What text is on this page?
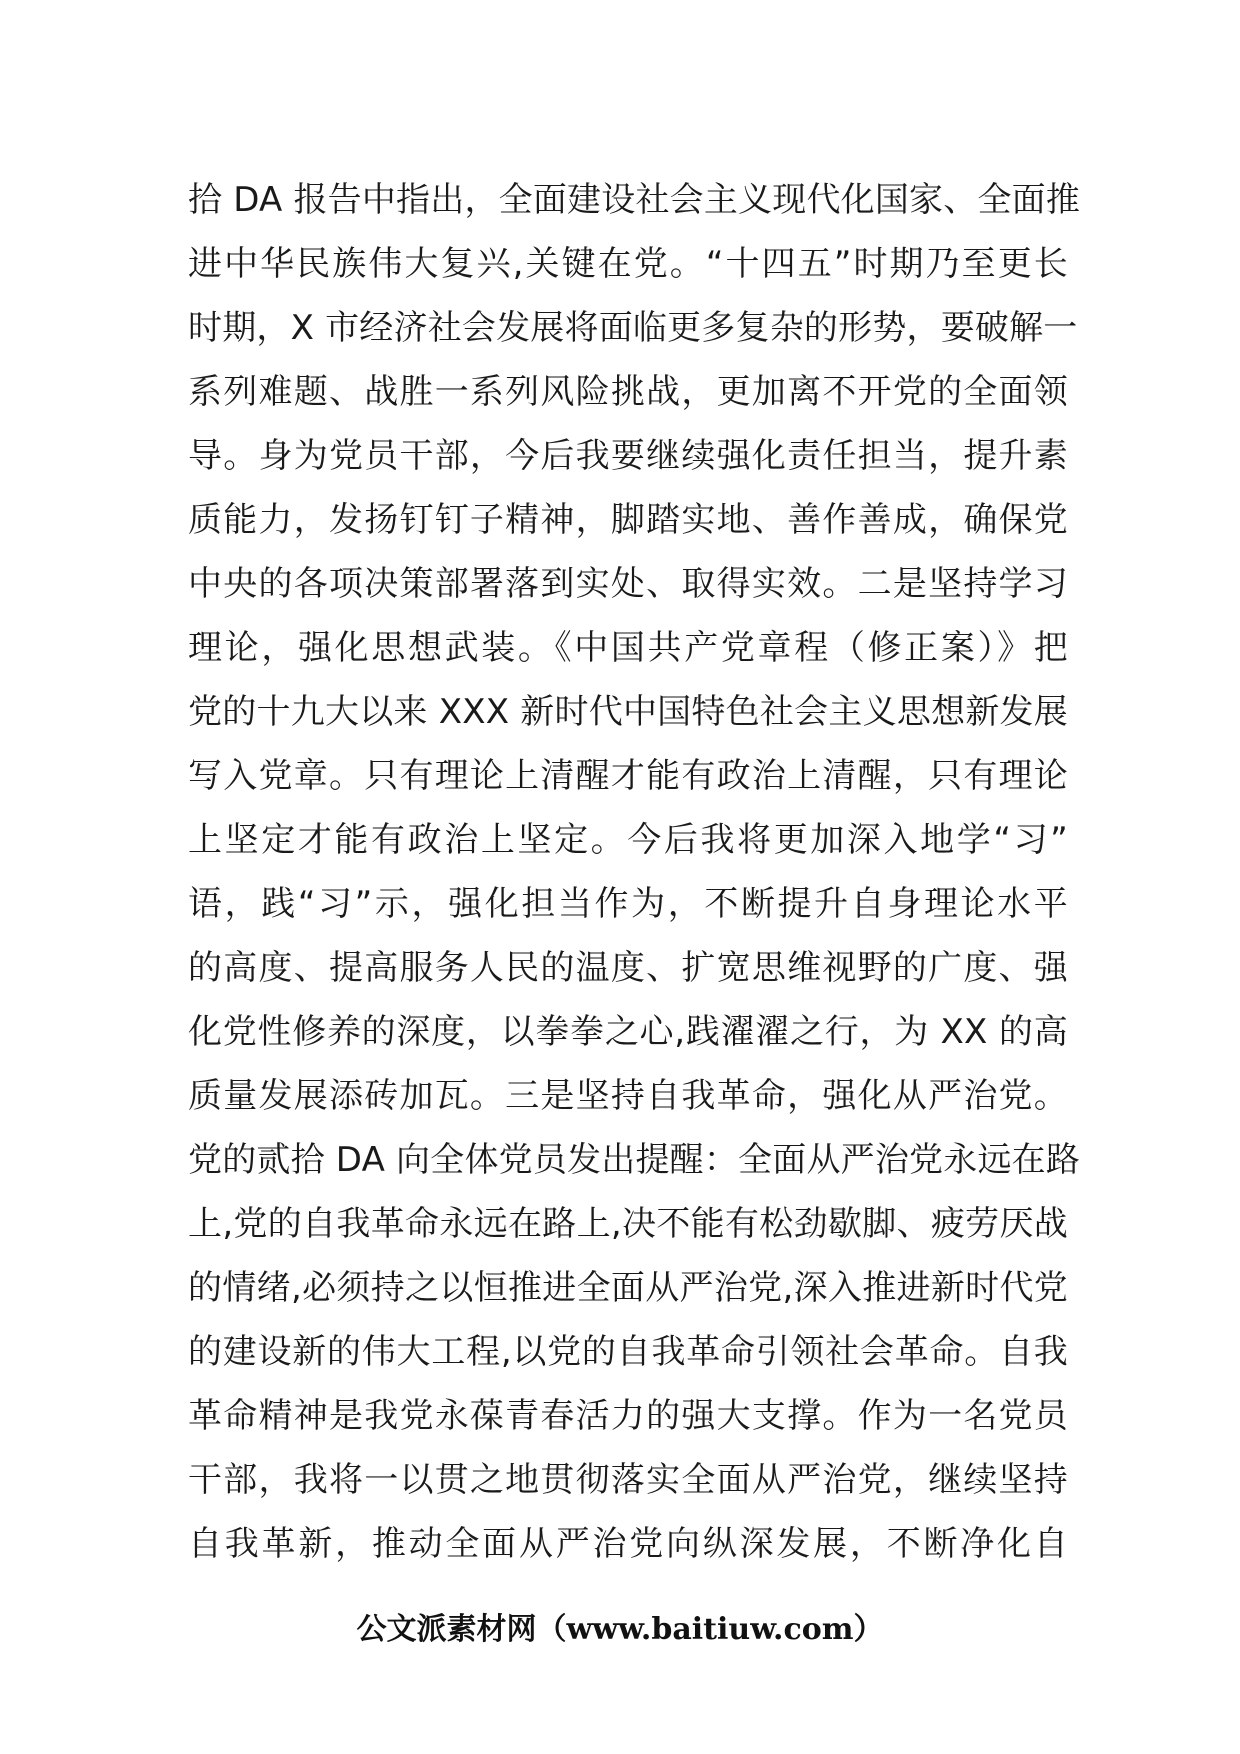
拾 DA 报告中指出，全面建设社会主义现代化国家、全面推
进中华民族伟大复兴,关键在党。“十四五”时期乃至更长
时期，X 市经济社会发展将面临更多复杂的形势，要破解一
系列难题、战胜一系列风险挑战，更加离不开党的全面领
导。身为党员干部，今后我要继续强化责任担当，提升素
质能力，发扬钉钉子精神，脚踏实地、善作善成，确保党
中央的各项决策部署落到实处、取得实效。二是坚持学习
理论，强化思想武装。《中国共产党章程（修正案）》把
党的十九大以来 XXX 新时代中国特色社会主义思想新发展
写入党章。只有理论上清醒才能有政治上清醒，只有理论
上坚定才能有政治上坚定。今后我将更加深入地学“习”
语，践“习”示，强化担当作为，不断提升自身理论水平
的高度、提高服务人民的温度、扩宽思维视野的广度、强
化党性修养的深度，以拳拳之心,践濯濯之行，为 XX 的高
质量发展添砖加瓦。三是坚持自我革命，强化从严治党。
党的贰拾 DA 向全体党员发出提醒：全面从严治党永远在路
上,党的自我革命永远在路上,决不能有松劲歇脚、疲劳厌战
的情绪,必须持之以恒推进全面从严治党,深入推进新时代党
的建设新的伟大工程,以党的自我革命引领社会革命。自我
革命精神是我党永葆青春活力的强大支撑。作为一名党员
干部，我将一以贯之地贯彻落实全面从严治党，继续坚持
自我革新，推动全面从严治党向纵深发展，不断净化自
公文派素材网（www.baitiuw.com）
